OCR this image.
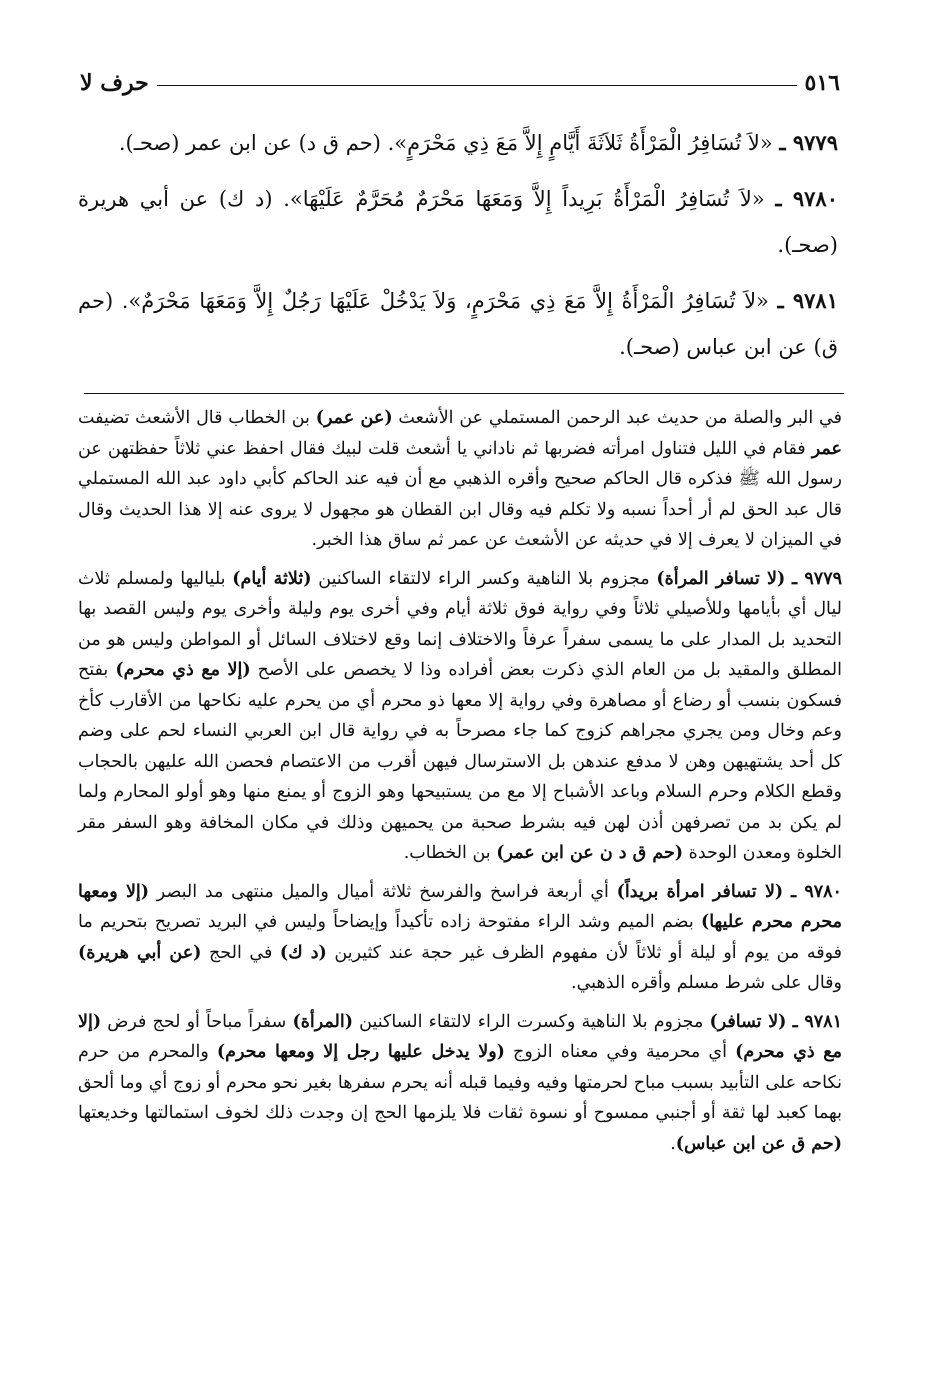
٥١٦
حرف لا

٩٧٧٩ ـ «لاَ تُسَافِرُ الْمَرْأَةُ ثَلاَثَةَ أَيَّامٍ إِلاَّ مَعَ ذِي مَحْرَمٍ». (حم ق د) عن ابن عمر (صحـ).

٩٧٨٠ ـ «لاَ تُسَافِرُ الْمَرْأَةُ بَرِيداً إِلاَّ وَمَعَهَا مَحْرَمٌ مُحَرَّمٌ عَلَيْهَا». (د ك) عن أبي هريرة (صحـ).

٩٧٨١ ـ «لاَ تُسَافِرُ الْمَرْأَةُ إِلاَّ مَعَ ذِي مَحْرَمٍ، وَلاَ يَدْخُلْ عَلَيْهَا رَجُلٌ إِلاَّ وَمَعَهَا مَحْرَمٌ». (حم ق) عن ابن عباس (صحـ).

في البر والصلة من حديث عبد الرحمن المستملي عن الأشعث (عن عمر) بن الخطاب قال الأشعث تضيفت عمر فقام في الليل فتناول امرأته فضربها ثم ناداني يا أشعث قلت لبيك فقال احفظ عني ثلاثاً حفظتهن عن رسول الله ﷺ فذكره قال الحاكم صحيح وأقره الذهبي مع أن فيه عند الحاكم كأبي داود عبد الله المستملي قال عبد الحق لم أر أحداً نسبه ولا تكلم فيه وقال ابن القطان هو مجهول لا يروى عنه إلا هذا الحديث وقال في الميزان لا يعرف إلا في حديثه عن الأشعث عن عمر ثم ساق هذا الخبر.

٩٧٧٩ ـ (لا تسافر المرأة) مجزوم بلا الناهية وكسر الراء لالتقاء الساكنين (ثلاثة أيام) بلياليها ولمسلم ثلاث ليال أي بأيامها وللأصيلي ثلاثاً وفي رواية فوق ثلاثة أيام وفي أخرى يوم وليلة وأخرى يوم وليس القصد بها التحديد بل المدار على ما يسمى سفراً عرفاً والاختلاف إنما وقع لاختلاف السائل أو المواطن وليس هو من المطلق والمقيد بل من العام الذي ذكرت بعض أفراده وذا لا يخصص على الأصح (إلا مع ذي محرم) بفتح فسكون بنسب أو رضاع أو مصاهرة وفي رواية إلا معها ذو محرم أي من يحرم عليه نكاحها من الأقارب كأخ وعم وخال ومن يجري مجراهم كزوج كما جاء مصرحاً به في رواية قال ابن العربي النساء لحم على وضم كل أحد يشتهيهن وهن لا مدفع عندهن بل الاسترسال فيهن أقرب من الاعتصام فحصن الله عليهن بالحجاب وقطع الكلام وحرم السلام وباعد الأشباح إلا مع من يستبيحها وهو الزوج أو يمنع منها وهو أولو المحارم ولما لم يكن بد من تصرفهن أذن لهن فيه بشرط صحبة من يحميهن وذلك في مكان المخافة وهو السفر مقر الخلوة ومعدن الوحدة (حم ق د ن عن ابن عمر) بن الخطاب.

٩٧٨٠ ـ (لا تسافر امرأة بريداً) أي أربعة فراسخ والفرسخ ثلاثة أميال والميل منتهى مد البصر (إلا ومعها محرم محرم عليها) بضم الميم وشد الراء مفتوحة زاده تأكيداً وإيضاحاً وليس في البريد تصريح بتحريم ما فوقه من يوم أو ليلة أو ثلاثاً لأن مفهوم الظرف غير حجة عند كثيرين (د ك) في الحج (عن أبي هريرة) وقال على شرط مسلم وأقره الذهبي.

٩٧٨١ ـ (لا تسافر) مجزوم بلا الناهية وكسرت الراء لالتقاء الساكنين (المرأة) سفراً مباحاً أو لحج فرض (إلا مع ذي محرم) أي محرمية وفي معناه الزوج (ولا يدخل عليها رجل إلا ومعها محرم) والمحرم من حرم نكاحه على التأبيد بسبب مباح لحرمتها وفيه وفيما قبله أنه يحرم سفرها بغير نحو محرم أو زوج أي وما ألحق بهما كعبد لها ثقة أو أجنبي ممسوح أو نسوة ثقات فلا يلزمها الحج إن وجدت ذلك لخوف استمالتها وخديعتها (حم ق عن ابن عباس).
